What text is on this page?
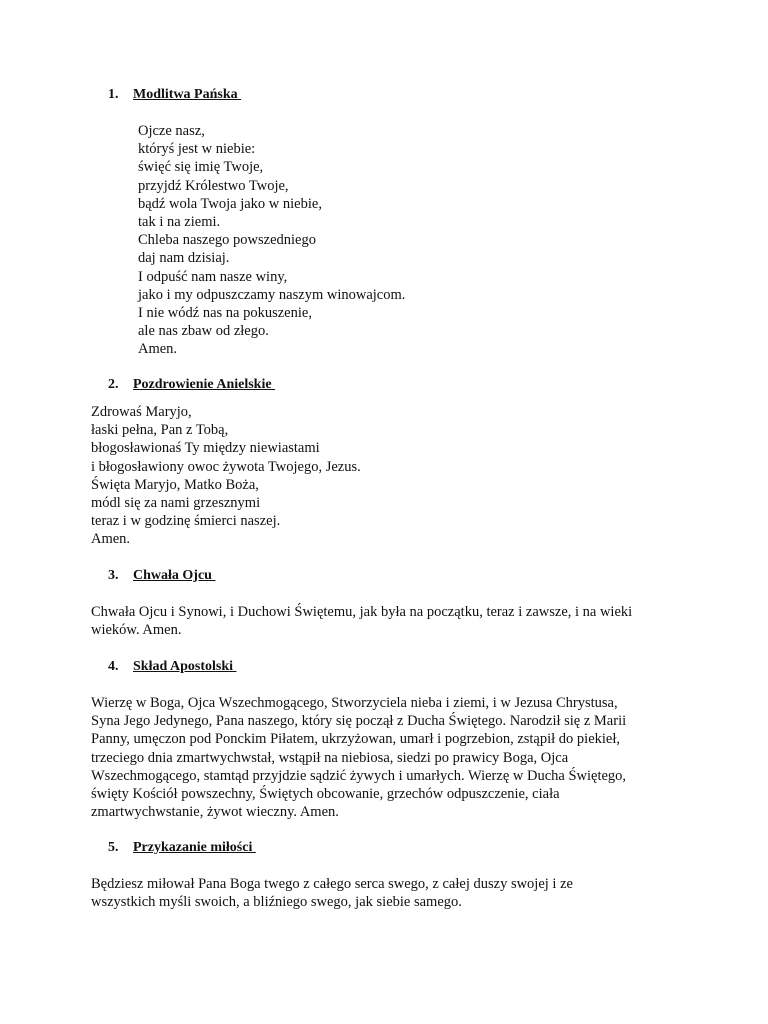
1. Modlitwa Pańska
Ojcze nasz,
któryś jest w niebie:
święć się imię Twoje,
przyjdź Królestwo Twoje,
bądź wola Twoja jako w niebie,
tak i na ziemi.
Chleba naszego powszedniego
daj nam dzisiaj.
I odpuść nam nasze winy,
jako i my odpuszczamy naszym winowajcom.
I nie wódź nas na pokuszenie,
ale nas zbaw od złego.
Amen.
2. Pozdrowienie Anielskie
Zdrowaś Maryjo,
łaski pełna, Pan z Tobą,
błogosławionaś Ty między niewiastami
i błogosławiony owoc żywota Twojego, Jezus.
Święta Maryjo, Matko Boża,
módl się za nami grzesznymi
teraz i w godzinę śmierci naszej.
Amen.
3. Chwała Ojcu
Chwała Ojcu i Synowi, i Duchowi Świętemu, jak była na początku, teraz i zawsze, i na wieki
wieków. Amen.
4. Skład Apostolski
Wierzę w Boga, Ojca Wszechmogącego, Stworzyciela nieba i ziemi, i w Jezusa Chrystusa,
Syna Jego Jedynego, Pana naszego, który się począł z Ducha Świętego. Narodził się z Marii
Panny, umęczon pod Ponckim Piłatem, ukrzyżowan, umarł i pogrzebion, zstąpił do piekieł,
trzeciego dnia zmartwychwstał, wstąpił na niebiosa, siedzi po prawicy Boga, Ojca
Wszechmogącego, stamtąd przyjdzie sądzić żywych i umarłych. Wierzę w Ducha Świętego,
święty Kościół powszechny, Świętych obcowanie, grzechów odpuszczenie, ciała
zmartwychwstanie, żywot wieczny. Amen.
5. Przykazanie miłości
Będziesz miłował Pana Boga twego z całego serca swego, z całej duszy swojej i ze
wszystkich myśli swoich, a bliźniego swego, jak siebie samego.
